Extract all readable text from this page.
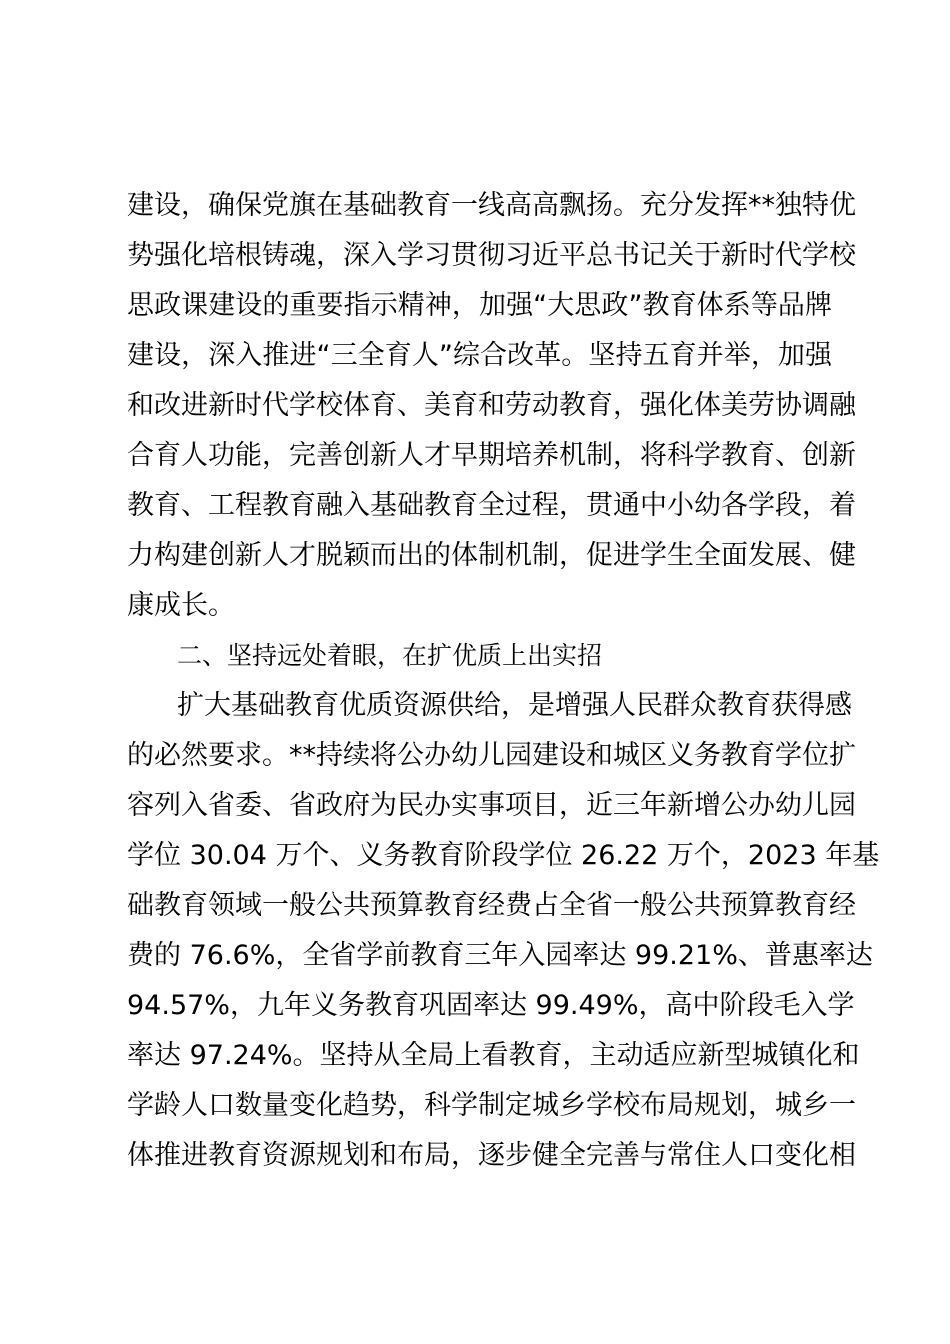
建设，确保党旗在基础教育一线高高飘扬。充分发挥**独特优
势强化培根铸魂，深入学习贯彻习近平总书记关于新时代学校
思政课建设的重要指示精神，加强“大思政”教育体系等品牌
建设，深入推进“三全育人”综合改革。坚持五育并举，加强
和改进新时代学校体育、美育和劳动教育，强化体美劳协调融
合育人功能，完善创新人才早期培养机制，将科学教育、创新
教育、工程教育融入基础教育全过程，贯通中小幼各学段，着
力构建创新人才脱颖而出的体制机制，促进学生全面发展、健
康成长。
二、坚持远处着眼，在扩优质上出实招
扩大基础教育优质资源供给，是增强人民群众教育获得感
的必然要求。**持续将公办幼儿园建设和城区义务教育学位扩
容列入省委、省政府为民办实事项目，近三年新增公办幼儿园
学位 30.04 万个、义务教育阶段学位 26.22 万个，2023 年基
础教育领域一般公共预算教育经费占全省一般公共预算教育经
费的 76.6%，全省学前教育三年入园率达 99.21%、普惠率达
94.57%，九年义务教育巩固率达 99.49%，高中阶段毛入学
率达 97.24%。坚持从全局上看教育，主动适应新型城镇化和
学龄人口数量变化趋势，科学制定城乡学校布局规划，城乡一
体推进教育资源规划和布局，逐步健全完善与常住人口变化相
